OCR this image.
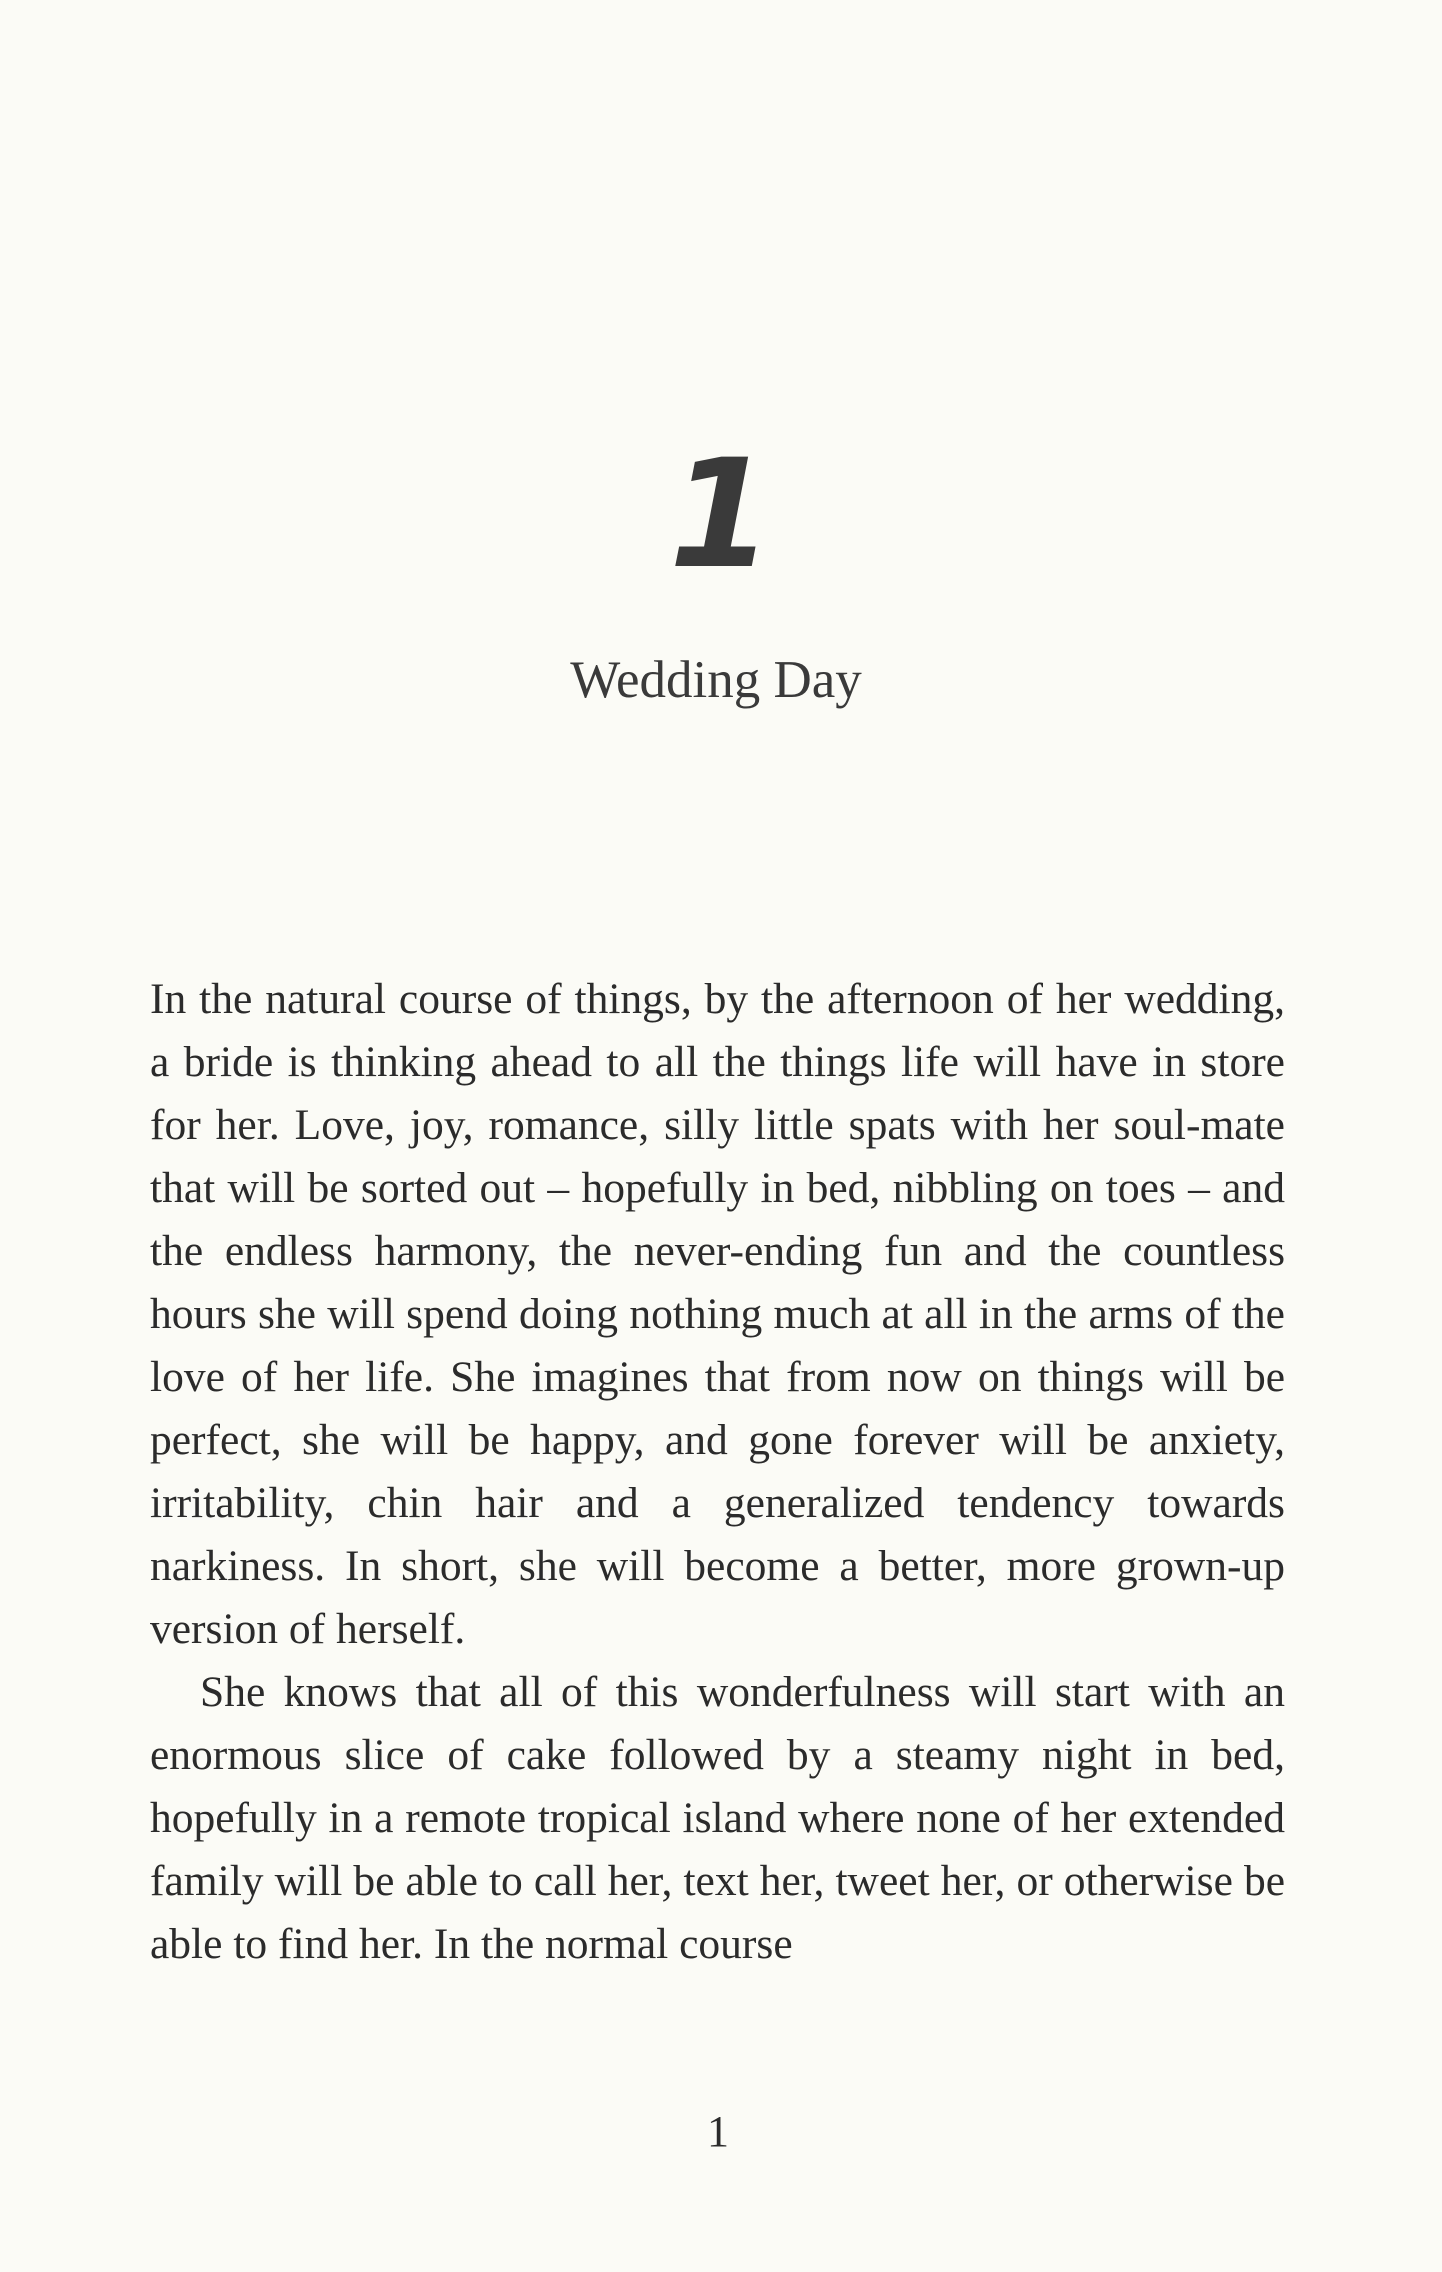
1
Wedding Day

In the natural course of things, by the afternoon of her wedding, a bride is thinking ahead to all the things life will have in store for her. Love, joy, romance, silly little spats with her soul-mate that will be sorted out – hopefully in bed, nibbling on toes – and the endless harmony, the never-ending fun and the countless hours she will spend doing nothing much at all in the arms of the love of her life. She imagines that from now on things will be perfect, she will be happy, and gone forever will be anxiety, irritability, chin hair and a generalized tendency towards narkiness. In short, she will become a better, more grown-up version of herself.

She knows that all of this wonderfulness will start with an enormous slice of cake followed by a steamy night in bed, hopefully in a remote tropical island where none of her extended family will be able to call her, text her, tweet her, or otherwise be able to find her. In the normal course

1
